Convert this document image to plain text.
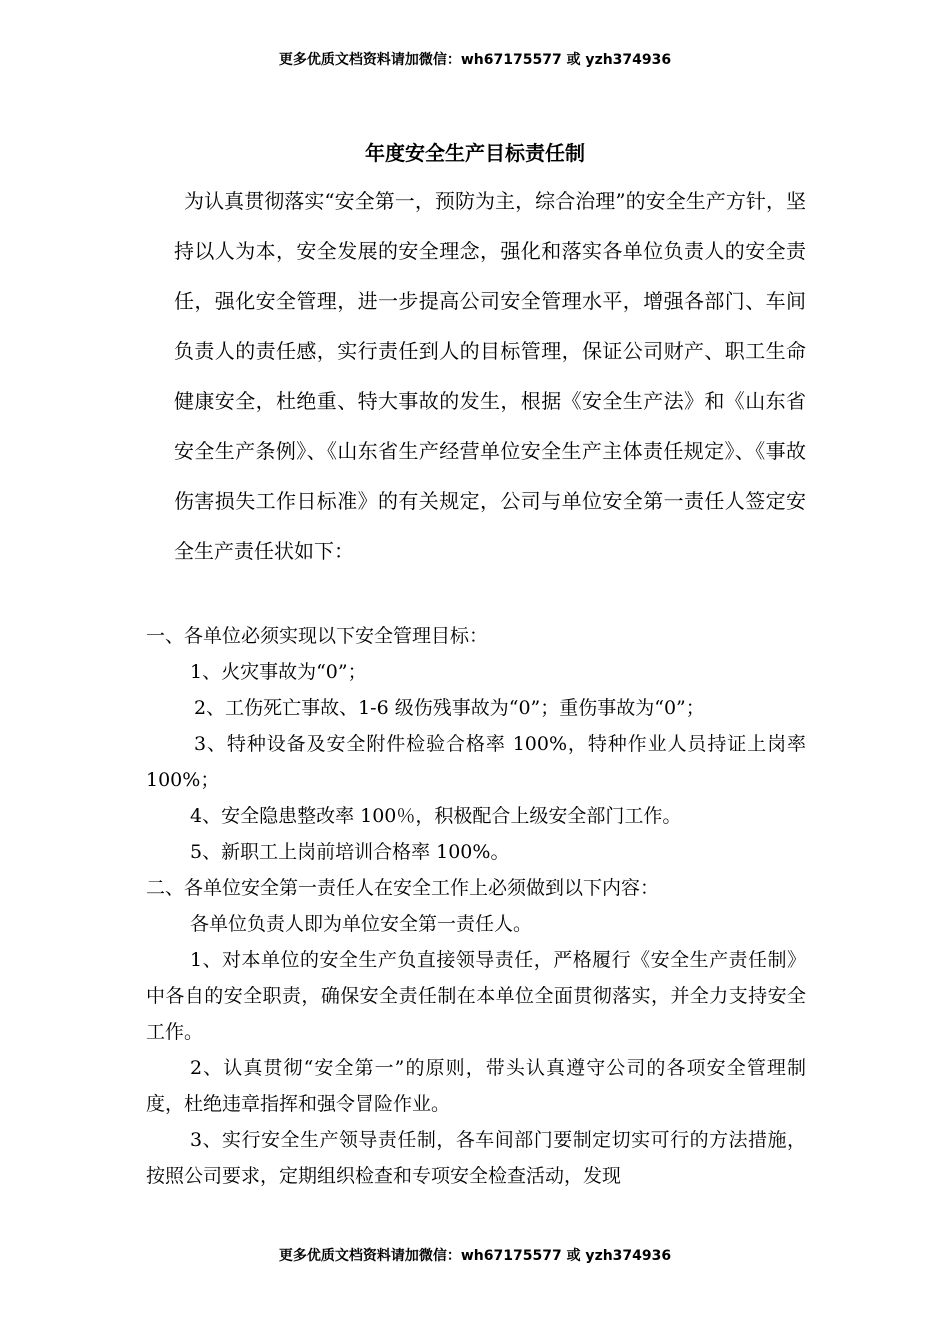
更多优质文档资料请加微信：wh67175577 或 yzh374936
年度安全生产目标责任制

为认真贯彻落实“安全第一，预防为主，综合治理”的安全生产方针，坚持以人为本，安全发展的安全理念，强化和落实各单位负责人的安全责任，强化安全管理，进一步提高公司安全管理水平，增强各部门、车间负责人的责任感，实行责任到人的目标管理，保证公司财产、职工生命健康安全，杜绝重、特大事故的发生，根据《安全生产法》和《山东省安全生产条例》、《山东省生产经营单位安全生产主体责任规定》、《事故伤害损失工作日标准》的有关规定，公司与单位安全第一责任人签定安全生产责任状如下：

一、各单位必须实现以下安全管理目标：

1、火灾事故为“0”；

2、工伤死亡事故、1-6 级伤残事故为“0”；重伤事故为“0”；

3、特种设备及安全附件检验合格率 100%，特种作业人员持证上岗率 100%；

4、安全隐患整改率 100％，积极配合上级安全部门工作。

5、新职工上岗前培训合格率 100%。

二、各单位安全第一责任人在安全工作上必须做到以下内容：

各单位负责人即为单位安全第一责任人。

1、对本单位的安全生产负直接领导责任，严格履行《安全生产责任制》中各自的安全职责，确保安全责任制在本单位全面贯彻落实，并全力支持安全工作。

2、认真贯彻“安全第一”的原则，带头认真遵守公司的各项安全管理制度，杜绝违章指挥和强令冒险作业。

3、实行安全生产领导责任制，各车间部门要制定切实可行的方法措施，按照公司要求，定期组织检查和专项安全检查活动，发现

更多优质文档资料请加微信：wh67175577 或 yzh374936
